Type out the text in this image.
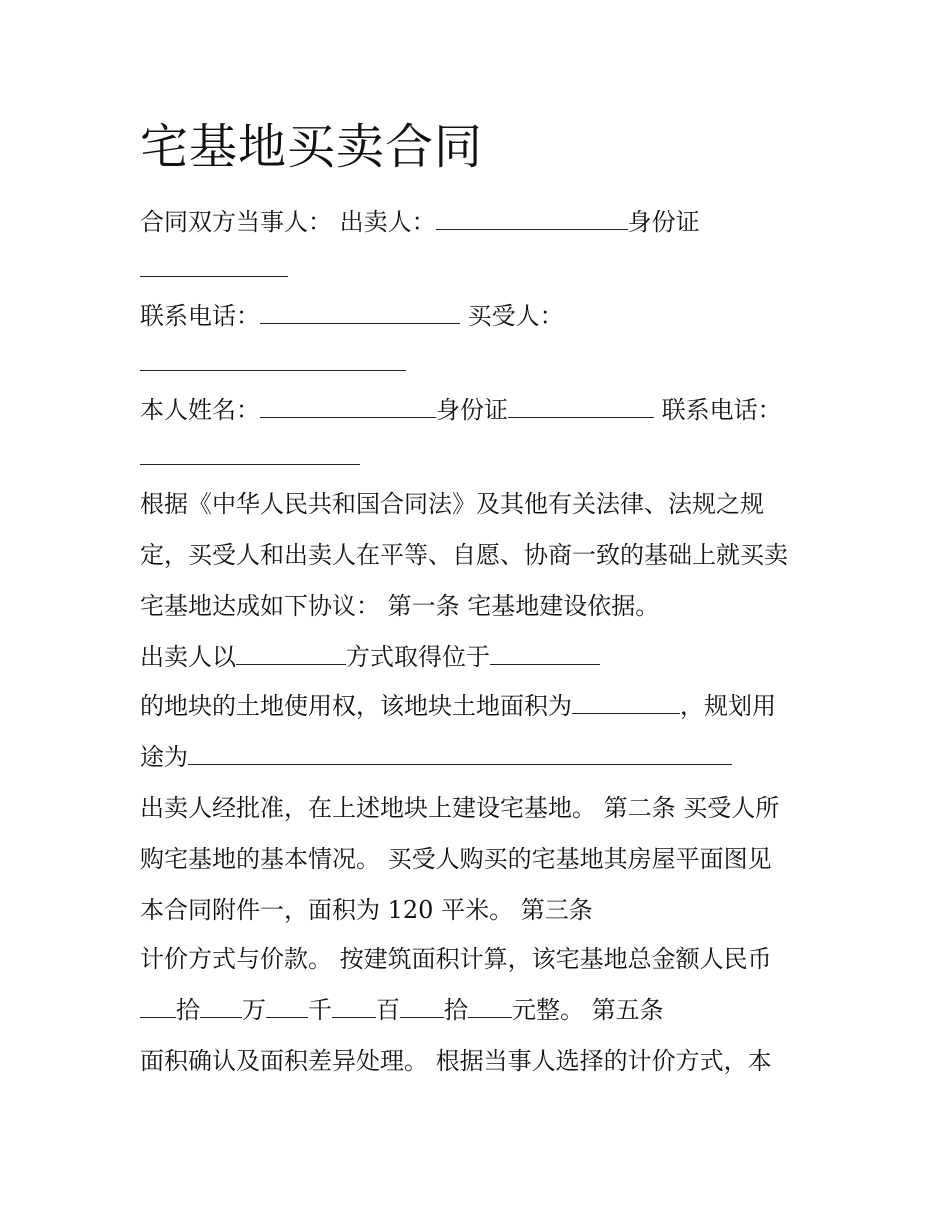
宅基地买卖合同
合同双方当事人： 出卖人：	身份证
联系电话：	买受人：
本人姓名：	身份证	联系电话：
根据《中华人民共和国合同法》及其他有关法律、法规之规
定，买受人和出卖人在平等、自愿、协商一致的基础上就买卖
宅基地达成如下协议： 第一条 宅基地建设依据。
出卖人以	方式取得位于
的地块的土地使用权，该地块土地面积为	，规划用
途为
出卖人经批准，在上述地块上建设宅基地。 第二条 买受人所
购宅基地的基本情况。 买受人购买的宅基地其房屋平面图见
本合同附件一，面积为 120 平米。 第三条
计价方式与价款。 按建筑面积计算，该宅基地总金额人民币
拾 万 千 百 拾 元整。 第五条
面积确认及面积差异处理。 根据当事人选择的计价方式，本
